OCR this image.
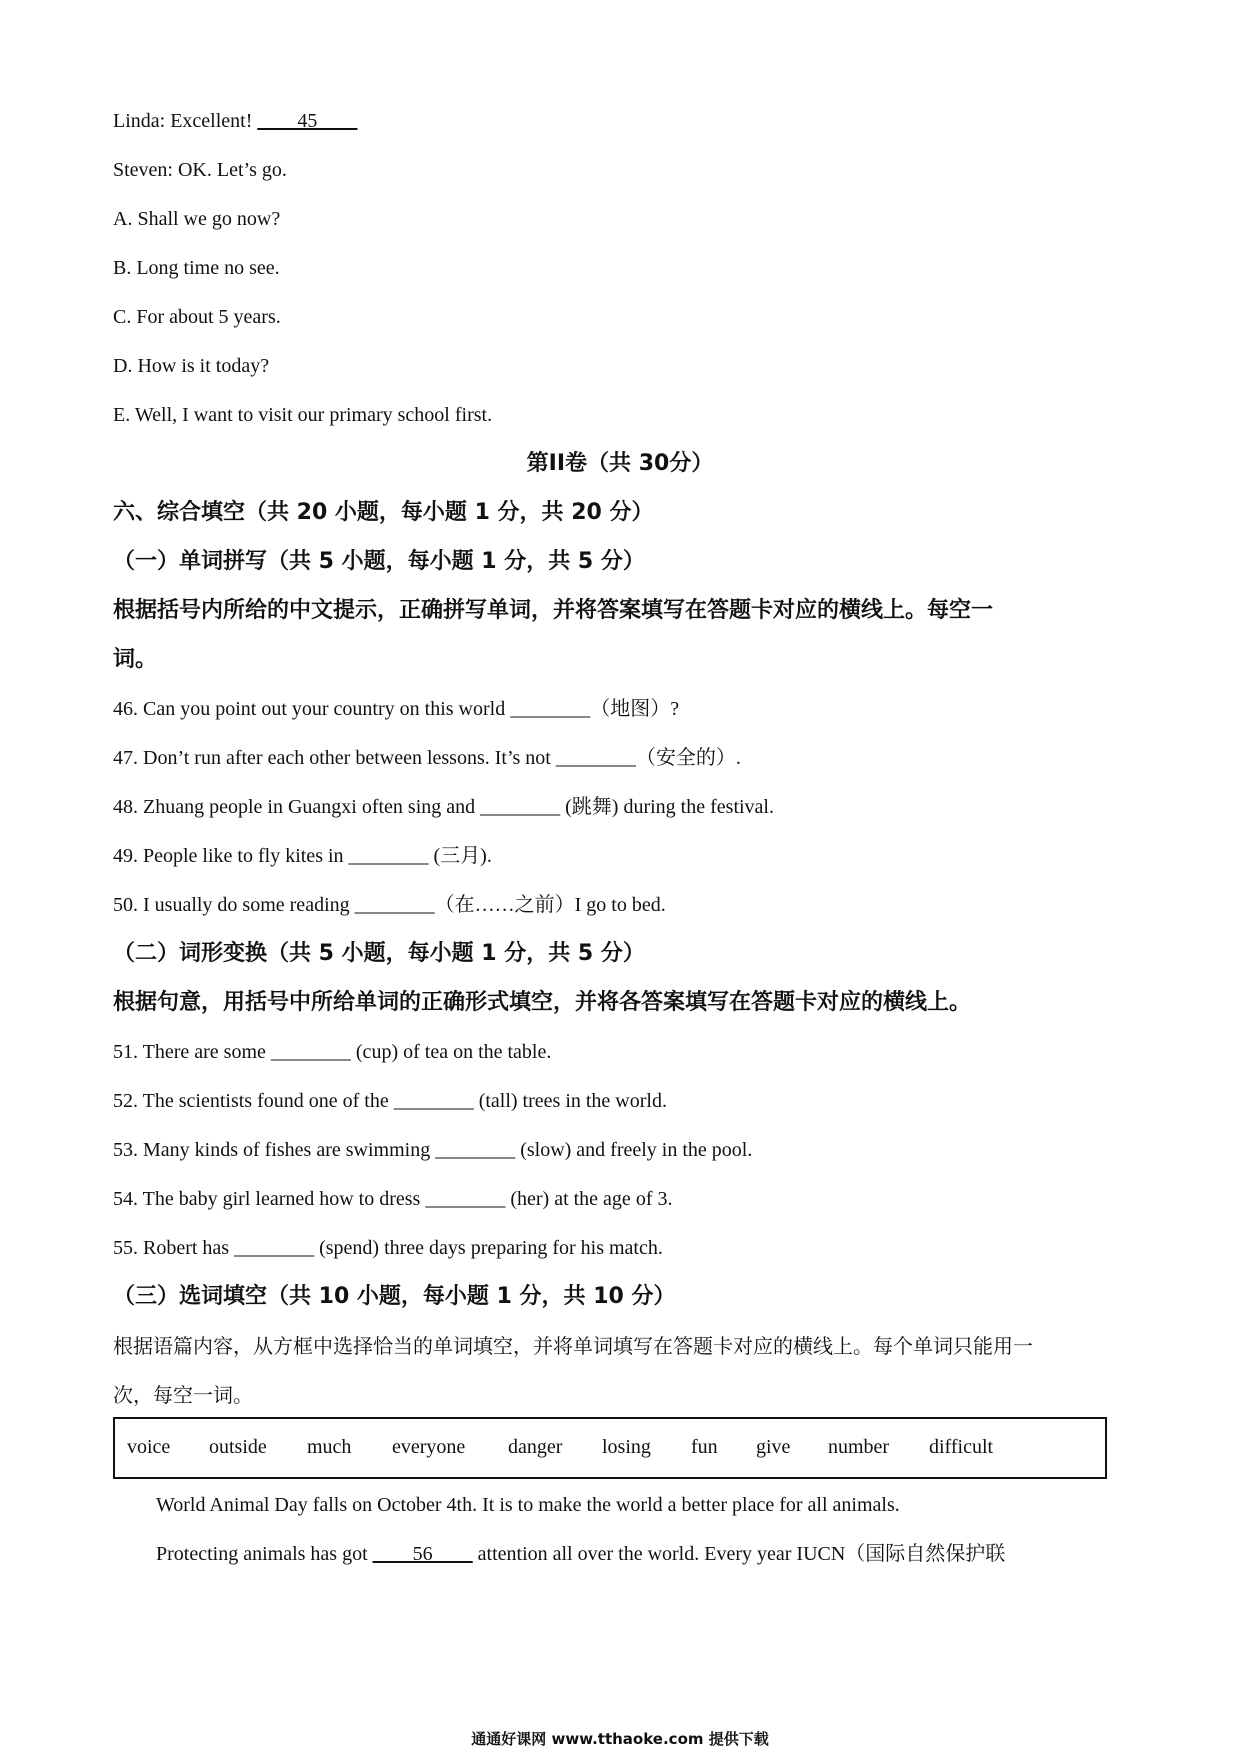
Linda: Excellent! ____45____
Steven: OK. Let’s go.
A. Shall we go now?
B. Long time no see.
C. For about 5 years.
D. How is it today?
E. Well, I want to visit our primary school first.
第II卷（共 30分）
六、综合填空（共 20 小题，每小题 1 分，共 20 分）
（一）单词拼写（共 5 小题，每小题 1 分，共 5 分）
根据括号内所给的中文提示，正确拼写单词，并将答案填写在答题卡对应的横线上。每空一
词。
46. Can you point out your country on this world ________（地图）?
47. Don’t run after each other between lessons. It’s not ________（安全的）.
48. Zhuang people in Guangxi often sing and ________ (跳舞) during the festival.
49. People like to fly kites in ________ (三月).
50. I usually do some reading ________（在……之前）I go to bed.
（二）词形变换（共 5 小题，每小题 1 分，共 5 分）
根据句意，用括号中所给单词的正确形式填空，并将各答案填写在答题卡对应的横线上。
51. There are some ________ (cup) of tea on the table.
52. The scientists found one of the ________ (tall) trees in the world.
53. Many kinds of fishes are swimming ________ (slow) and freely in the pool.
54. The baby girl learned how to dress ________ (her) at the age of 3.
55. Robert has ________ (spend) three days preparing for his match.
（三）选词填空（共 10 小题，每小题 1 分，共 10 分）
根据语篇内容，从方框中选择恰当的单词填空，并将单词填写在答题卡对应的横线上。每个单词只能用一
次，每空一词。
voice outside much everyone danger losing fun give number difficult
World Animal Day falls on October 4th. It is to make the world a better place for all animals.
Protecting animals has got ____56____ attention all over the world. Every year IUCN（国际自然保护联
通通好课网 www.tthaoke.com 提供下载
